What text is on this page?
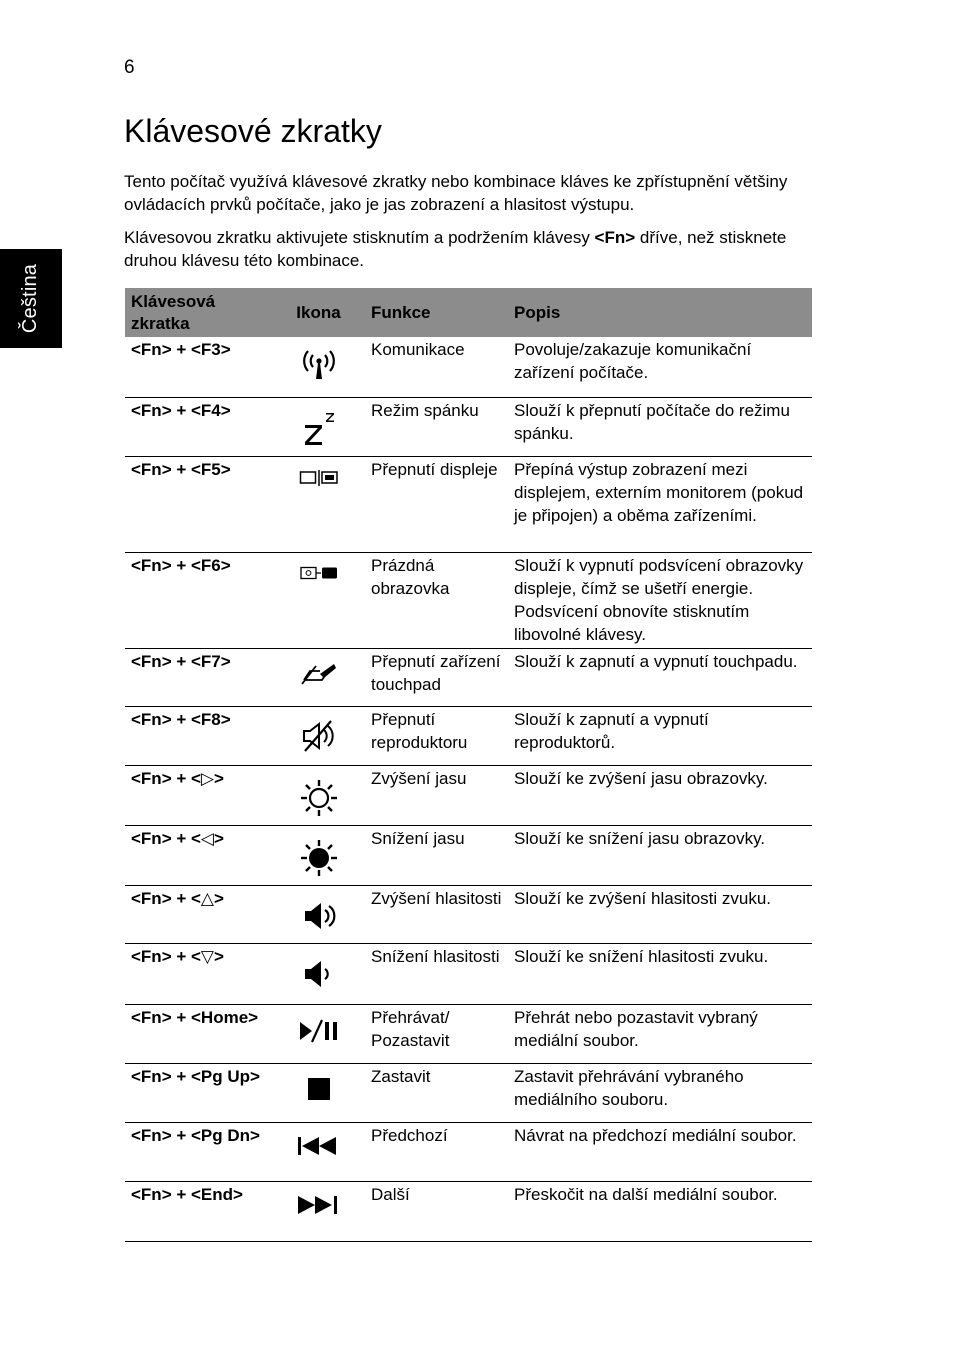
6
Čeština
Klávesové zkratky

Tento počítač využívá klávesové zkratky nebo kombinace kláves ke zpřístupnění většiny ovládacích prvků počítače, jako je jas zobrazení a hlasitost výstupu.

Klávesovou zkratku aktivujete stisknutím a podržením klávesy <Fn> dříve, než stisknete druhou klávesu této kombinace.

Klávesová zkratka	Ikona	Funkce	Popis
<Fn> + <F3>		Komunikace	Povoluje/zakazuje komunikační zařízení počítače.
<Fn> + <F4>		Režim spánku	Slouží k přepnutí počítače do režimu spánku.
<Fn> + <F5>		Přepnutí displeje	Přepíná výstup zobrazení mezi displejem, externím monitorem (pokud je připojen) a oběma zařízeními.
<Fn> + <F6>		Prázdná obrazovka	Slouží k vypnutí podsvícení obrazovky displeje, čímž se ušetří energie. Podsvícení obnovíte stisknutím libovolné klávesy.
<Fn> + <F7>		Přepnutí zařízení touchpad	Slouží k zapnutí a vypnutí touchpadu.
<Fn> + <F8>		Přepnutí reproduktoru	Slouží k zapnutí a vypnutí reproduktorů.
<Fn> + <▷>		Zvýšení jasu	Slouží ke zvýšení jasu obrazovky.
<Fn> + <◁>		Snížení jasu	Slouží ke snížení jasu obrazovky.
<Fn> + <△>		Zvýšení hlasitosti	Slouží ke zvýšení hlasitosti zvuku.
<Fn> + <▽>		Snížení hlasitosti	Slouží ke snížení hlasitosti zvuku.
<Fn> + <Home>		Přehrávat/ Pozastavit	Přehrát nebo pozastavit vybraný mediální soubor.
<Fn> + <Pg Up>		Zastavit	Zastavit přehrávání vybraného mediálního souboru.
<Fn> + <Pg Dn>		Předchozí	Návrat na předchozí mediální soubor.
<Fn> + <End>		Další	Přeskočit na další mediální soubor.
